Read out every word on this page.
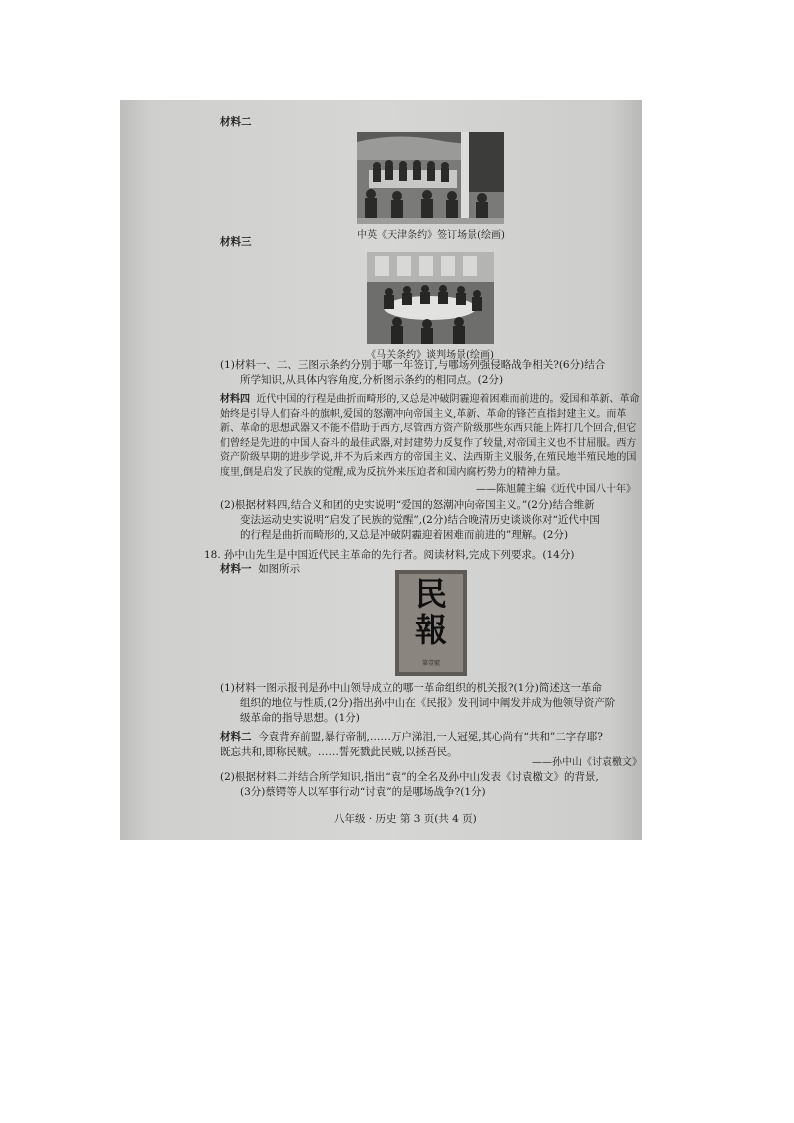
材料二
中英《天津条约》签订场景(绘画)
材料三
《马关条约》谈判场景(绘画)
(1)材料一、二、三图示条约分别于哪一年签订,与哪场列强侵略战争相关?(6分)结合
所学知识,从具体内容角度,分析图示条约的相同点。(2分)
材料四 近代中国的行程是曲折而畸形的,又总是冲破阴霾迎着困难而前进的。爱国和革新、革命始终是引导人们奋斗的旗帜,爱国的怒潮冲向帝国主义,革新、革命的锋芒直指封建主义。而革新、革命的思想武器又不能不借助于西方,尽管西方资产阶级那些东西只能上阵打几个回合,但它们曾经是先进的中国人奋斗的最佳武器,对封建势力反复作了较量,对帝国主义也不甘屈服。西方资产阶级早期的进步学说,并不为后来西方的帝国主义、法西斯主义服务,在殖民地半殖民地的国度里,倒是启发了民族的觉醒,成为反抗外来压迫者和国内腐朽势力的精神力量。
——陈旭麓主编《近代中国八十年》
(2)根据材料四,结合义和团的史实说明“爱国的怒潮冲向帝国主义。”(2分)结合维新
变法运动史实说明“启发了民族的觉醒”,(2分)结合晚清历史谈谈你对“近代中国
的行程是曲折而畸形的,又总是冲破阴霾迎着困难而前进的”理解。(2分)
18. 孙中山先生是中国近代民主革命的先行者。阅读材料,完成下列要求。(14分)
材料一 如图所示
民
報
第壹號
(1)材料一图示报刊是孙中山领导成立的哪一革命组织的机关报?(1分)简述这一革命
组织的地位与性质,(2分)指出孙中山在《民报》发刊词中阐发并成为他领导资产阶
级革命的指导思想。(1分)
材料二 今袁背弃前盟,暴行帝制,……万户涕泪,一人冠冕,其心尚有“共和”二字存耶?
既忘共和,即称民贼。……誓死戮此民贼,以拯吾民。
——孙中山《讨袁檄文》
(2)根据材料二并结合所学知识,指出“袁”的全名及孙中山发表《讨袁檄文》的背景,
(3分)蔡锷等人以军事行动“讨袁”的是哪场战争?(1分)
八年级 · 历史 第 3 页(共 4 页)
